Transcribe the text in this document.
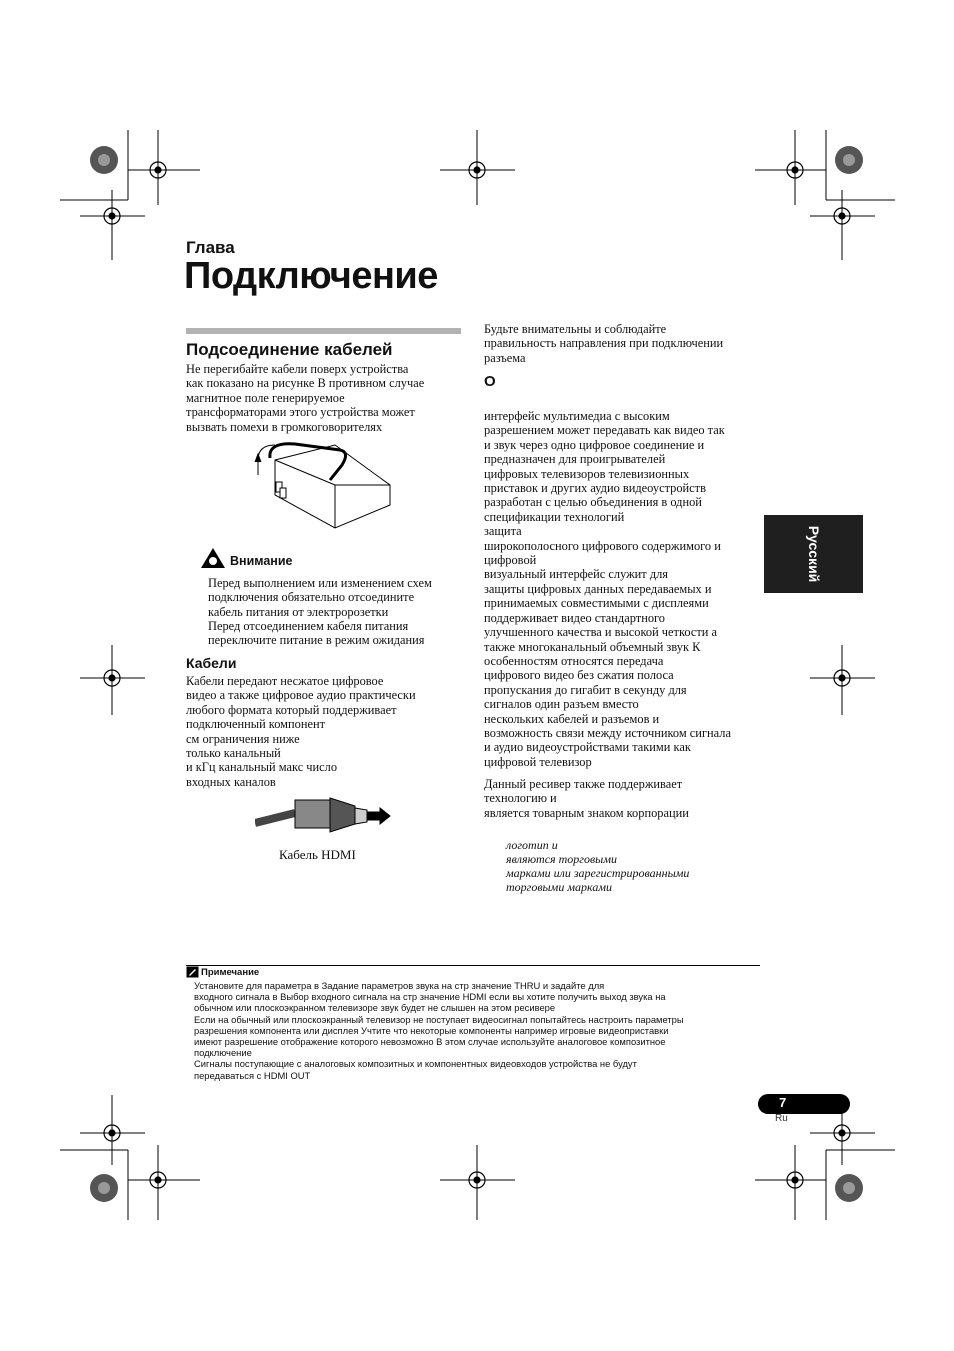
Глава
Подключение
Подсоединение кабелей
Не перегибайте кабели поверх устройства
как показано на рисунке В противном случае
магнитное поле генерируемое
трансформаторами этого устройства может
вызвать помехи в громкоговорителях
Внимание
Перед выполнением или изменением схем
подключения обязательно отсоедините
кабель питания от электророзетки
Перед отсоединением кабеля питания
переключите питание в режим ожидания
Кабели
Кабели передают несжатое цифровое
видео а также цифровое аудио практически
любого формата который поддерживает
подключенный компонент
см ограничения ниже
только канальный
и кГц канальный макс число
входных каналов
Кабель HDMI
Будьте внимательны и соблюдайте
правильность направления при подключении
разъема
О
интерфейс мультимедиа с высоким
разрешением может передавать как видео так
и звук через одно цифровое соединение и
предназначен для проигрывателей
цифровых телевизоров телевизионных
приставок и других аудио видеоустройств
разработан с целью объединения в одной
спецификации технологий
защита
широкополосного цифрового содержимого и
цифровой
визуальный интерфейс служит для
защиты цифровых данных передаваемых и
принимаемых совместимыми с дисплеями
поддерживает видео стандартного
улучшенного качества и высокой четкости а
также многоканальный объемный звук К
особенностям относятся передача
цифрового видео без сжатия полоса
пропускания до гигабит в секунду для
сигналов один разъем вместо
нескольких кабелей и разъемов и
возможность связи между источником сигнала
и аудио видеоустройствами такими как
цифровой телевизор
Данный ресивер также поддерживает
технологию и
является товарным знаком корпорации
логотип и
являются торговыми
марками или зарегистрированными
торговыми марками
Русский
Примечание
Установите для параметра в Задание параметров звука на стр значение THRU и задайте для
входного сигнала в Выбор входного сигнала на стр значение HDMI если вы хотите получить выход звука на
обычном или плоскоэкранном телевизоре звук будет не слышен на этом ресивере
Если на обычный или плоскоэкранный телевизор не поступает видеосигнал попытайтесь настроить параметры
разрешения компонента или дисплея Учтите что некоторые компоненты например игровые видеоприставки
имеют разрешение отображение которого невозможно В этом случае используйте аналоговое композитное
подключение
Сигналы поступающие с аналоговых композитных и компонентных видеовходов устройства не будут
передаваться с HDMI OUT
7
Ru
